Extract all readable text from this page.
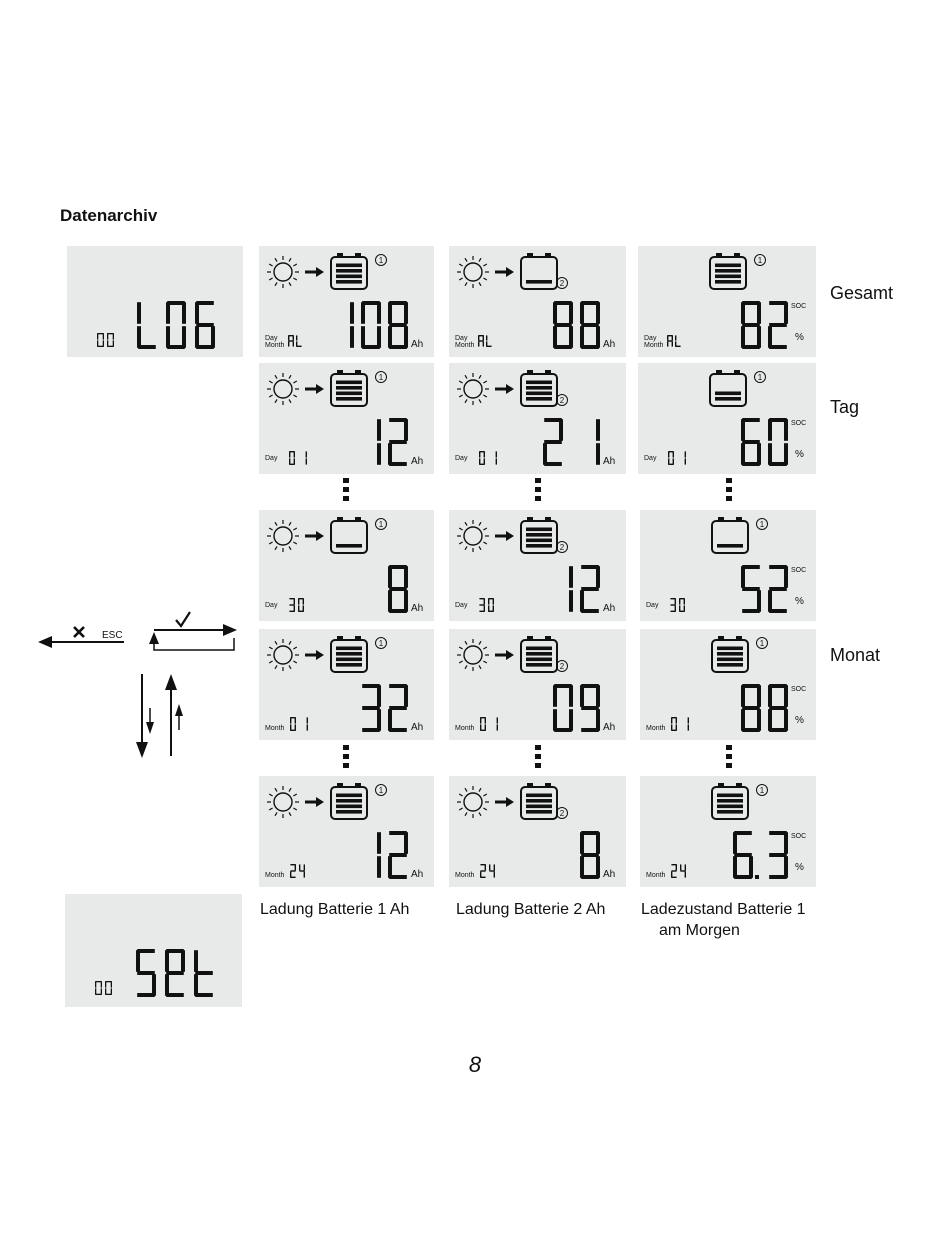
Datenarchiv
ESC
1
Day
Month	Ah
2
Day
Month	Ah
1
Day
Month
SOC
%
1
Day	Ah
2
Day	Ah
1
Day
SOC
%
1
Day	Ah
2
Day	Ah
1
Day
SOC
%
1
Month	Ah
2
Month	Ah
1
Month
SOC
%
1
Month	Ah
2
Month	Ah
1
Month
SOC
%
Gesamt
Tag
Monat
Ladung Batterie 1 Ah	Ladung Batterie 2 Ah Ladezustand Batterie 1
am Morgen
8
